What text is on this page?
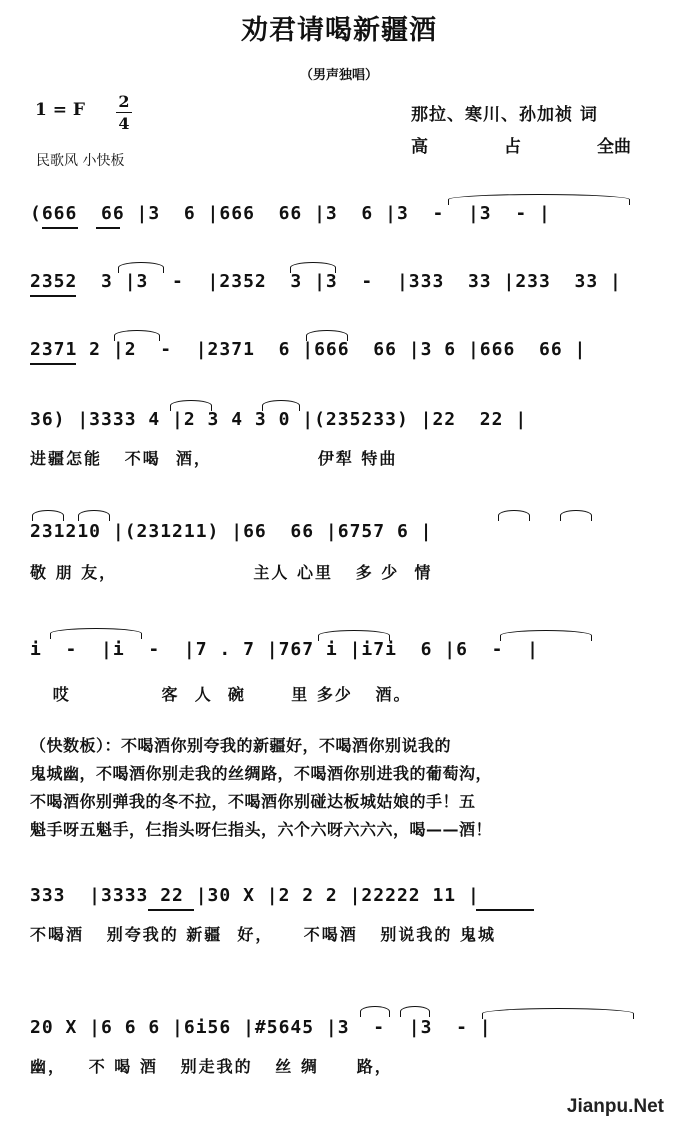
劝君请喝新疆酒
（男声独唱）
1 = F 2
4
民歌风 小快板
那拉、寒川、孙加祯 词
高	占	全曲
(666  66 |3  6 |666  66 |3  6 |3  -  |3  - |
2352  3 |3  -  |2352  3 |3  -  |333  33 |233  33 |
2371 2 |2  -  |2371  6 |666  66 |3 6 |666  66 |
36) |3333 4 |2 3 4 3 0 |(235233) |22  22 |
进疆怎能   不喝  酒，              伊犁 特曲
231210 |(231211) |66  66 |6757 6 |
敬 朋 友，                  主人 心里   多 少  情
i  -  |i  -  |7 . 7 |767 i |i7i  6 |6  -  |
哎            客  人  碗      里 多少   酒。
（快数板）：不喝酒你别夸我的新疆好，不喝酒你别说我的
鬼城幽，不喝酒你别走我的丝绸路，不喝酒你别进我的葡萄沟，
不喝酒你别弹我的冬不拉，不喝酒你别碰达板城姑娘的手！五
魁手呀五魁手，仨指头呀仨指头，六个六呀六六六，喝——酒！
333  |3333 22 |30 X |2 2 2 |22222 11 |
不喝酒   别夸我的 新疆  好，    不喝酒   别说我的 鬼城
20 X |6 6 6 |6i56 |#5645 |3  -  |3  - |
幽，   不 喝 酒   别走我的   丝 绸     路，
Jianpu.Net
